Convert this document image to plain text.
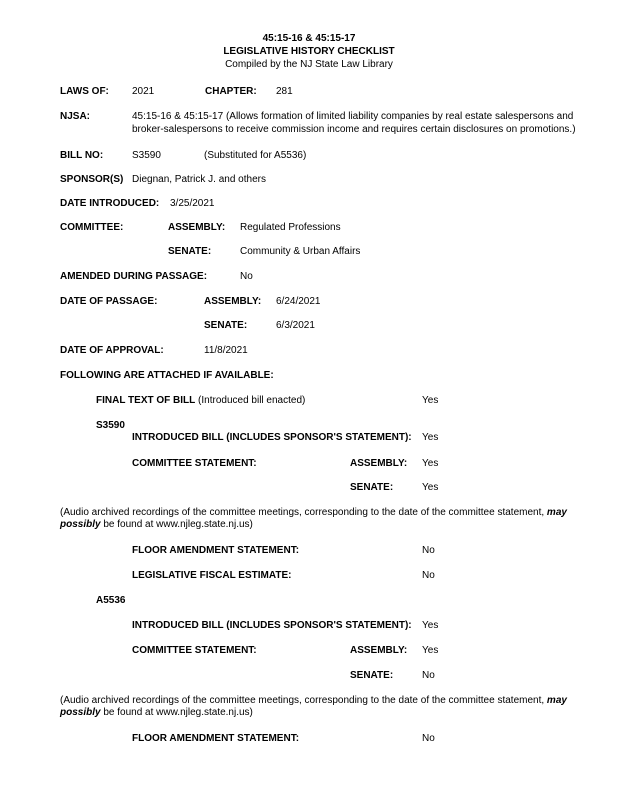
45:15-16 & 45:15-17
LEGISLATIVE HISTORY CHECKLIST
Compiled by the NJ State Law Library
LAWS OF: 2021	CHAPTER: 281
NJSA:	45:15-16 & 45:15-17 (Allows formation of limited liability companies by real estate salespersons and
broker-salespersons to receive commission income and requires certain disclosures on promotions.)
BILL NO:	S3590	(Substituted for A5536)
SPONSOR(S) Diegnan, Patrick J. and others
DATE INTRODUCED: 3/25/2021
COMMITTEE:	ASSEMBLY: Regulated Professions
SENATE:	Community & Urban Affairs
AMENDED DURING PASSAGE:	No
DATE OF PASSAGE:	ASSEMBLY: 6/24/2021
SENATE:	6/3/2021
DATE OF APPROVAL:	11/8/2021
FOLLOWING ARE ATTACHED IF AVAILABLE:
FINAL TEXT OF BILL (Introduced bill enacted)	Yes
S3590
INTRODUCED BILL (INCLUDES SPONSOR'S STATEMENT): Yes
COMMITTEE STATEMENT:	ASSEMBLY: Yes
SENATE:	Yes
(Audio archived recordings of the committee meetings, corresponding to the date of the committee statement, may
possibly be found at www.njleg.state.nj.us)
FLOOR AMENDMENT STATEMENT:	No
LEGISLATIVE FISCAL ESTIMATE:	No
A5536
INTRODUCED BILL (INCLUDES SPONSOR'S STATEMENT): Yes
COMMITTEE STATEMENT:	ASSEMBLY: Yes
SENATE:	No
(Audio archived recordings of the committee meetings, corresponding to the date of the committee statement, may
possibly be found at www.njleg.state.nj.us)
FLOOR AMENDMENT STATEMENT:	No
